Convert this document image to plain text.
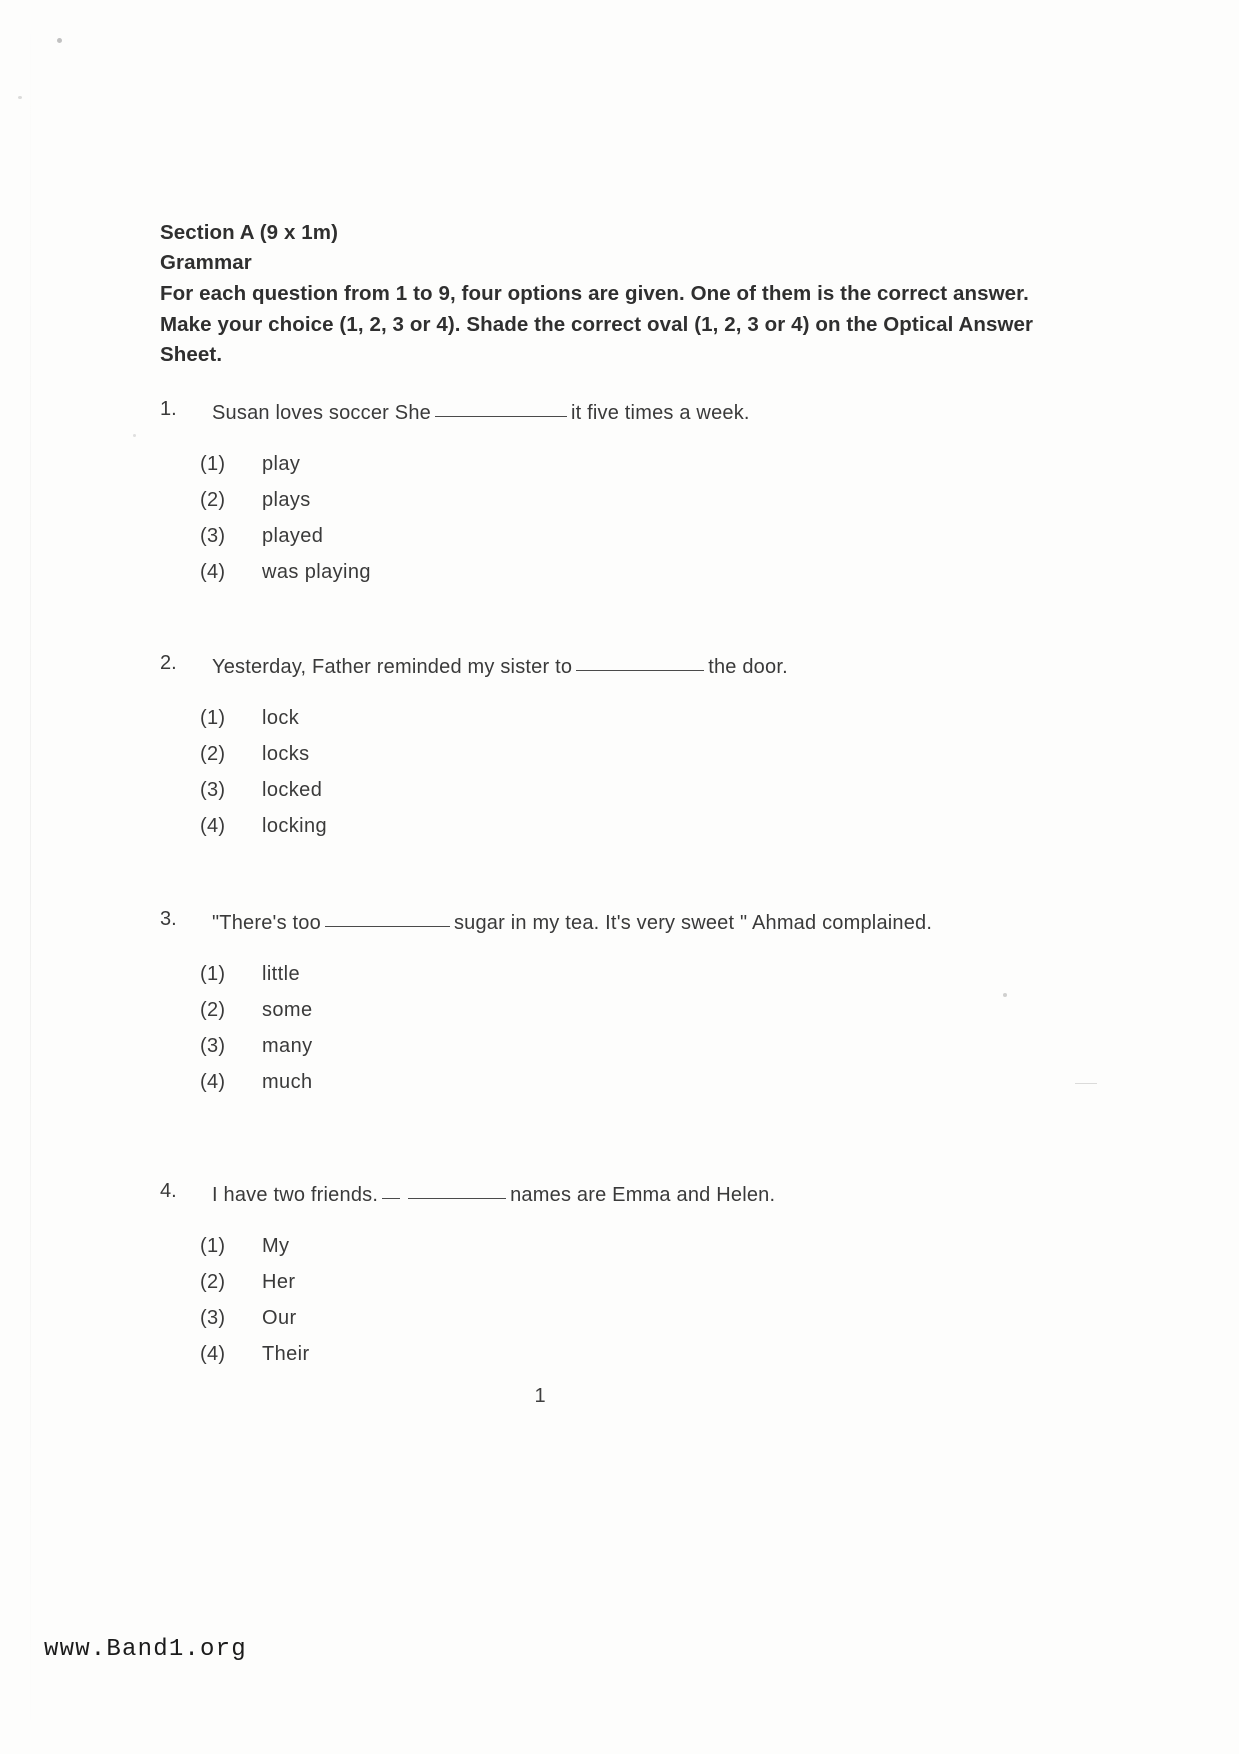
Section A (9 x 1m)
Grammar
For each question from 1 to 9, four options are given. One of them is the correct answer. Make your choice (1, 2, 3 or 4). Shade the correct oval (1, 2, 3 or 4) on the Optical Answer Sheet.
1.	Susan loves soccer She	it five times a week.
(1)	play
(2)	plays
(3)	played
(4)	was playing
2.	Yesterday, Father reminded my sister to	the door.
(1)	lock
(2)	locks
(3)	locked
(4)	locking
3.	"There's too	sugar in my tea. It's very sweet " Ahmad complained.
(1)	little
(2)	some
(3)	many
(4)	much
4.	I have two friends.	names are Emma and Helen.
(1)	My
(2)	Her
(3)	Our
(4)	Their
1
www.Band1.org
